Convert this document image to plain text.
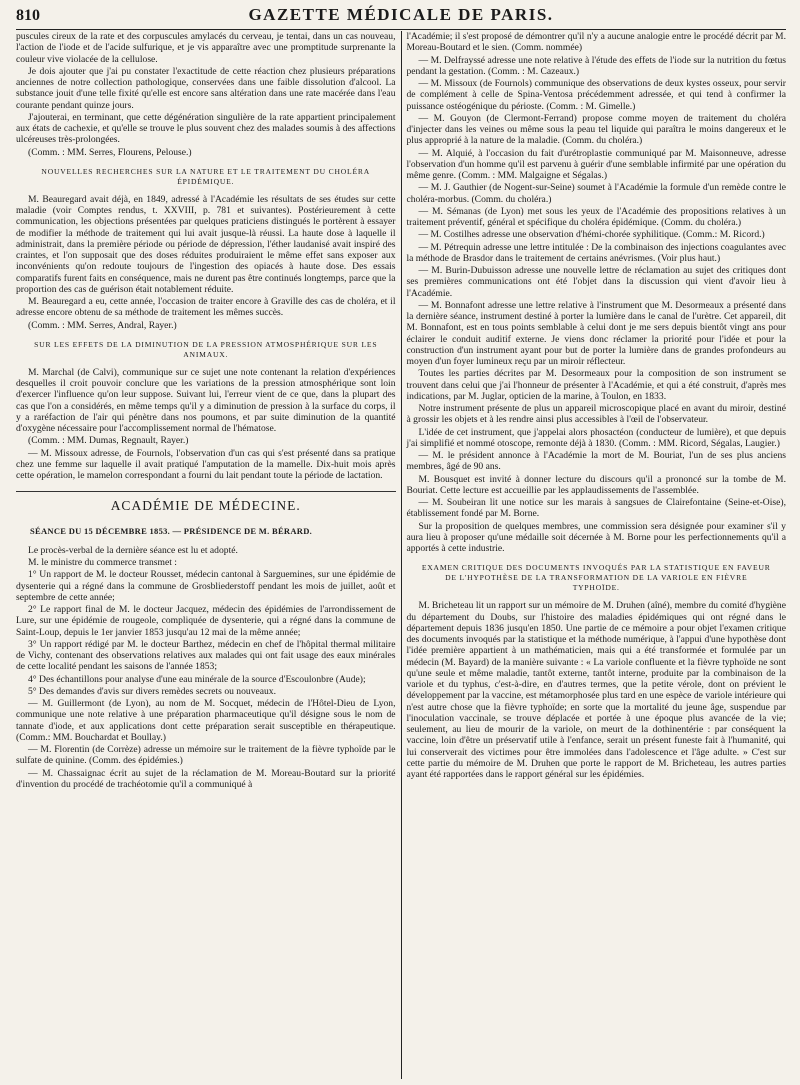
810	GAZETTE MÉDICALE DE PARIS.

puscules cireux de la rate et des corpuscules amylacés du cerveau, je tentai, dans un cas nouveau, l'action de l'iode et de l'acide sulfurique, et je vis apparaître avec une promptitude surprenante la couleur vive violacée de la cellulose.

Je dois ajouter que j'ai pu constater l'exactitude de cette réaction chez plusieurs préparations anciennes de notre collection pathologique, conservées dans une faible dissolution d'alcool. La substance jouit d'une telle fixité qu'elle est encore sans altération dans une rate macérée dans l'eau courante pendant quinze jours.

J'ajouterai, en terminant, que cette dégénération singulière de la rate appartient principalement aux états de cachexie, et qu'elle se trouve le plus souvent chez des malades soumis à des affections ulcéreuses très-prolongées.

(Comm. : MM. Serres, Flourens, Pelouse.)

NOUVELLES RECHERCHES SUR LA NATURE ET LE TRAITEMENT DU CHOLÉRA ÉPIDÉMIQUE.

M. Beauregard avait déjà, en 1849, adressé à l'Académie les résultats de ses études sur cette maladie (voir Comptes rendus, t. XXVIII, p. 781 et suivantes). Postérieurement à cette communication, les objections présentées par quelques praticiens distingués le portèrent à essayer de modifier la méthode de traitement qui lui avait jusque-là réussi. La haute dose à laquelle il administrait, dans la première période ou période de dépression, l'éther laudanisé avait inspiré des craintes, et l'on supposait que des doses réduites produiraient le même effet sans exposer aux inconvénients qu'on redoute toujours de l'ingestion des opiacés à haute dose. Des essais comparatifs furent faits en conséquence, mais ne durent pas être continués longtemps, parce que la proportion des cas de guérison était notablement réduite.

M. Beauregard a eu, cette année, l'occasion de traiter encore à Graville des cas de choléra, et il adresse encore obtenu de sa méthode de traitement les mêmes succès.

(Comm. : MM. Serres, Andral, Rayer.)

SUR LES EFFETS DE LA DIMINUTION DE LA PRESSION ATMOSPHÉRIQUE SUR LES ANIMAUX.

M. Marchal (de Calvi), communique sur ce sujet une note contenant la relation d'expériences desquelles il croit pouvoir conclure que les variations de la pression atmosphérique sont loin d'exercer l'influence qu'on leur suppose. Suivant lui, l'erreur vient de ce que, dans la plupart des cas que l'on a considérés, en même temps qu'il y a diminution de pression à la surface du corps, il y a raréfaction de l'air qui pénètre dans nos poumons, et par suite diminution de la quantité d'oxygène nécessaire pour l'accomplissement normal de l'hématose.

(Comm. : MM. Dumas, Regnault, Rayer.)

— M. Missoux adresse, de Fournols, l'observation d'un cas qui s'est présenté dans sa pratique chez une femme sur laquelle il avait pratiqué l'amputation de la mamelle. Dix-huit mois après cette opération, le mamelon correspondant a fourni du lait pendant toute la période de lactation.

ACADÉMIE DE MÉDECINE.
SÉANCE DU 15 DÉCEMBRE 1853. — PRÉSIDENCE DE M. BÉRARD.

Le procès-verbal de la dernière séance est lu et adopté.

M. le ministre du commerce transmet :

1° Un rapport de M. le docteur Rousset, médecin cantonal à Sarguemines, sur une épidémie de dysenterie qui a régné dans la commune de Grosbliederstoff pendant les mois de juillet, août et septembre de cette année;

2° Le rapport final de M. le docteur Jacquez, médecin des épidémies de l'arrondissement de Lure, sur une épidémie de rougeole, compliquée de dysenterie, qui a régné dans la commune de Saint-Loup, depuis le 1er janvier 1853 jusqu'au 12 mai de la même année;

3° Un rapport rédigé par M. le docteur Barthez, médecin en chef de l'hôpital thermal militaire de Vichy, contenant des observations relatives aux malades qui ont fait usage des eaux minérales de cette localité pendant les saisons de l'année 1853;

4° Des échantillons pour analyse d'une eau minérale de la source d'Escoulonbre (Aude);

5° Des demandes d'avis sur divers remèdes secrets ou nouveaux.

— M. Guillermont (de Lyon), au nom de M. Socquet, médecin de l'Hôtel-Dieu de Lyon, communique une note relative à une préparation pharmaceutique qu'il désigne sous le nom de tannate d'iode, et aux applications dont cette préparation serait susceptible en thérapeutique. (Comm.: MM. Bouchardat et Boullay.)

— M. Florentin (de Corrèze) adresse un mémoire sur le traitement de la fièvre typhoïde par le sulfate de quinine. (Comm. des épidémies.)

— M. Chassaignac écrit au sujet de la réclamation de M. Moreau-Boutard sur la priorité d'invention du procédé de trachéotomie qu'il a communiqué à

l'Académie; il s'est proposé de démontrer qu'il n'y a aucune analogie entre le procédé décrit par M. Moreau-Boutard et le sien. (Comm. nommée)

— M. Delfrayssé adresse une note relative à l'étude des effets de l'iode sur la nutrition du fœtus pendant la gestation. (Comm. : M. Cazeaux.)

— M. Missoux (de Fournols) communique des observations de deux kystes osseux, pour servir de complément à celle de Spina-Ventosa précédemment adressée, et qui tend à confirmer la puissance ostéogénique du périoste. (Comm. : M. Gimelle.)

— M. Gouyon (de Clermont-Ferrand) propose comme moyen de traitement du choléra d'injecter dans les veines ou même sous la peau tel liquide qui paraîtra le moins dangereux et le plus approprié à la nature de la maladie. (Comm. du choléra.)

— M. Alquié, à l'occasion du fait d'urétroplastie communiqué par M. Maisonneuve, adresse l'observation d'un homme qu'il est parvenu à guérir d'une semblable infirmité par une opération du même genre. (Comm. : MM. Malgaigne et Ségalas.)

— M. J. Gauthier (de Nogent-sur-Seine) soumet à l'Académie la formule d'un remède contre le choléra-morbus. (Comm. du choléra.)

— M. Sémanas (de Lyon) met sous les yeux de l'Académie des propositions relatives à un traitement préventif, général et spécifique du choléra épidémique. (Comm. du choléra.)

— M. Costilhes adresse une observation d'hémi-chorée syphilitique. (Comm.: M. Ricord.)

— M. Pétrequin adresse une lettre intitulée : De la combinaison des injections coagulantes avec la méthode de Brasdor dans le traitement de certains anévrismes. (Voir plus haut.)

— M. Burin-Dubuisson adresse une nouvelle lettre de réclamation au sujet des critiques dont ses premières communications ont été l'objet dans la discussion qui vient d'avoir lieu à l'Académie.

— M. Bonnafont adresse une lettre relative à l'instrument que M. Desormeaux a présenté dans la dernière séance, instrument destiné à porter la lumière dans le canal de l'urètre. Cet appareil, dit M. Bonnafont, est en tous points semblable à celui dont je me sers depuis bientôt vingt ans pour éclairer le conduit auditif externe. Je viens donc réclamer la priorité pour l'idée et pour la construction d'un instrument ayant pour but de porter la lumière dans de grandes profondeurs au moyen d'un foyer lumineux reçu par un miroir réflecteur.

Toutes les parties décrites par M. Desormeaux pour la composition de son instrument se trouvent dans celui que j'ai l'honneur de présenter à l'Académie, et qui a été construit, d'après mes indications, par M. Juglar, opticien de la marine, à Toulon, en 1833.

Notre instrument présente de plus un appareil microscopique placé en avant du miroir, destiné à grossir les objets et à les rendre ainsi plus accessibles à l'œil de l'observateur.

L'idée de cet instrument, que j'appelai alors phosactéon (conducteur de lumière), et que depuis j'ai simplifié et nommé otoscope, remonte déjà à 1830. (Comm. : MM. Ricord, Ségalas, Laugier.)

— M. le président annonce à l'Académie la mort de M. Bouriat, l'un de ses plus anciens membres, âgé de 90 ans.

M. Bousquet est invité à donner lecture du discours qu'il a prononcé sur la tombe de M. Bouriat. Cette lecture est accueillie par les applaudissements de l'assemblée.

— M. Soubeiran lit une notice sur les marais à sangsues de Clairefontaine (Seine-et-Oise), établissement fondé par M. Borne.

Sur la proposition de quelques membres, une commission sera désignée pour examiner s'il y aura lieu à proposer qu'une médaille soit décernée à M. Borne pour les perfectionnements qu'il a apportés à cette industrie.

EXAMEN CRITIQUE DES DOCUMENTS INVOQUÉS PAR LA STATISTIQUE EN FAVEUR DE L'HYPOTHÈSE DE LA TRANSFORMATION DE LA VARIOLE EN FIÈVRE TYPHOÏDE.

M. Bricheteau lit un rapport sur un mémoire de M. Druhen (aîné), membre du comité d'hygiène du département du Doubs, sur l'histoire des maladies épidémiques qui ont régné dans le département depuis 1836 jusqu'en 1850. Une partie de ce mémoire a pour objet l'examen critique des documents invoqués par la statistique et la méthode numérique, à l'appui d'une hypothèse dont l'idée première appartient à un mathématicien, mais qui a été transformée et formulée par un médecin (M. Bayard) de la manière suivante : « La variole confluente et la fièvre typhoïde ne sont qu'une seule et même maladie, tantôt externe, tantôt interne, produite par la combinaison de la variole et du typhus, c'est-à-dire, en d'autres termes, que la petite vérole, dont on prévient le développement par la vaccine, est métamorphosée plus tard en une espèce de variole intérieure qui n'est autre chose que la fièvre typhoïde; en sorte que la mortalité du jeune âge, suspendue par l'inoculation vaccinale, se trouve déplacée et portée à une époque plus avancée de la vie; seulement, au lieu de mourir de la variole, on meurt de la dothinentérie : par conséquent la vaccine, loin d'être un préservatif utile à l'enfance, serait un présent funeste fait à l'humanité, qui lui conserverait des victimes pour être immolées dans l'adolescence et l'âge adulte. » C'est sur cette partie du mémoire de M. Druhen que porte le rapport de M. Bricheteau, les autres parties ayant été rapportées dans le rapport général sur les épidémies.
